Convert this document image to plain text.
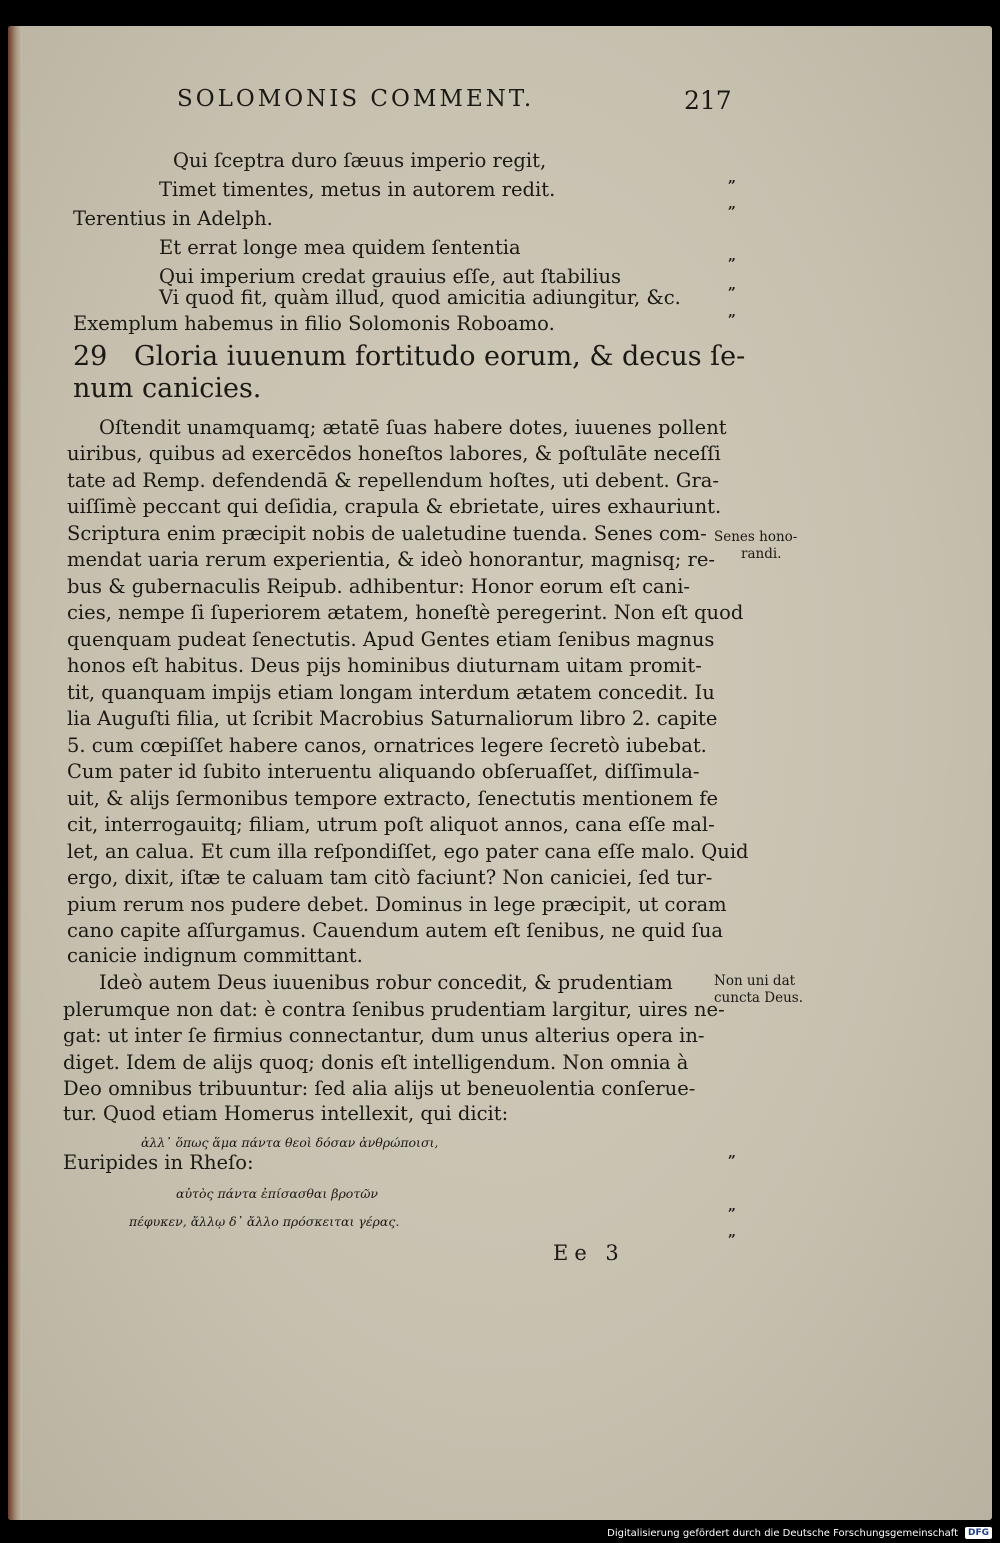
SOLOMONIS COMMENT.	217
Qui ſceptra duro ſæuus imperio regit,
Timet timentes, metus in autorem redit.
Terentius in Adelph.
Et errat longe mea quidem ſententia
Qui imperium credat grauius eſſe, aut ſtabilius
Vi quod fit, quàm illud, quod amicitia adiungitur, &c.
Exemplum habemus in filio Solomonis Roboamo.
29 Gloria iuuenum fortitudo eorum, & decus ſe-
num canicies.
Oſtendit unamquamq; ætatē ſuas habere dotes, iuuenes pollent
uiribus, quibus ad exercēdos honeſtos labores, & poſtulāte neceſſi
tate ad Remp. defendendā & repellendum hoſtes, uti debent. Gra-
uiſſimè peccant qui deſidia, crapula & ebrietate, uires exhauriunt.
Scriptura enim præcipit nobis de ualetudine tuenda. Senes com-
mendat uaria rerum experientia, & ideò honorantur, magnisq; re-
bus & gubernaculis Reipub. adhibentur: Honor eorum eſt cani-
cies, nempe ſi ſuperiorem ætatem, honeſtè peregerint. Non eſt quod
quenquam pudeat ſenectutis. Apud Gentes etiam ſenibus magnus
honos eſt habitus. Deus pijs hominibus diuturnam uitam promit-
tit, quanquam impijs etiam longam interdum ætatem concedit. Iu
lia Auguſti filia, ut ſcribit Macrobius Saturnaliorum libro 2. capite
5. cum cœpiſſet habere canos, ornatrices legere ſecretò iubebat.
Cum pater id ſubito interuentu aliquando obſeruaſſet, diſſimula-
uit, & alijs ſermonibus tempore extracto, ſenectutis mentionem fe
cit, interrogauitq; filiam, utrum poſt aliquot annos, cana eſſe mal-
let, an calua. Et cum illa reſpondiſſet, ego pater cana eſſe malo. Quid
ergo, dixit, iſtæ te caluam tam citò faciunt? Non caniciei, ſed tur-
pium rerum nos pudere debet. Dominus in lege præcipit, ut coram
cano capite aſſurgamus. Cauendum autem eſt ſenibus, ne quid ſua
canicie indignum committant.
Ideò autem Deus iuuenibus robur concedit, & prudentiam
plerumque non dat: è contra ſenibus prudentiam largitur, uires ne-
gat: ut inter ſe firmius connectantur, dum unus alterius opera in-
diget. Idem de alijs quoq; donis eſt intelligendum. Non omnia à
Deo omnibus tribuuntur: ſed alia alijs ut beneuolentia conſerue-
tur. Quod etiam Homerus intellexit, qui dicit:
ἀλλ᾽ ὅπως ἅμα πάντα θεοὶ δόσαν ἀνθρώποισι,
Euripides in Rheſo:
αὐτὸς πάντα ἐπίσασθαι βροτῶν
πέφυκεν, ἄλλῳ δ᾽ ἄλλο πρόσκειται γέρας.
„
„
„
„
„
„
„
„
Senes hono-
randi.
Non uni dat
cuncta Deus.
Ee 3
Digitalisierung gefördert durch die Deutsche Forschungsgemeinschaft	DFG
